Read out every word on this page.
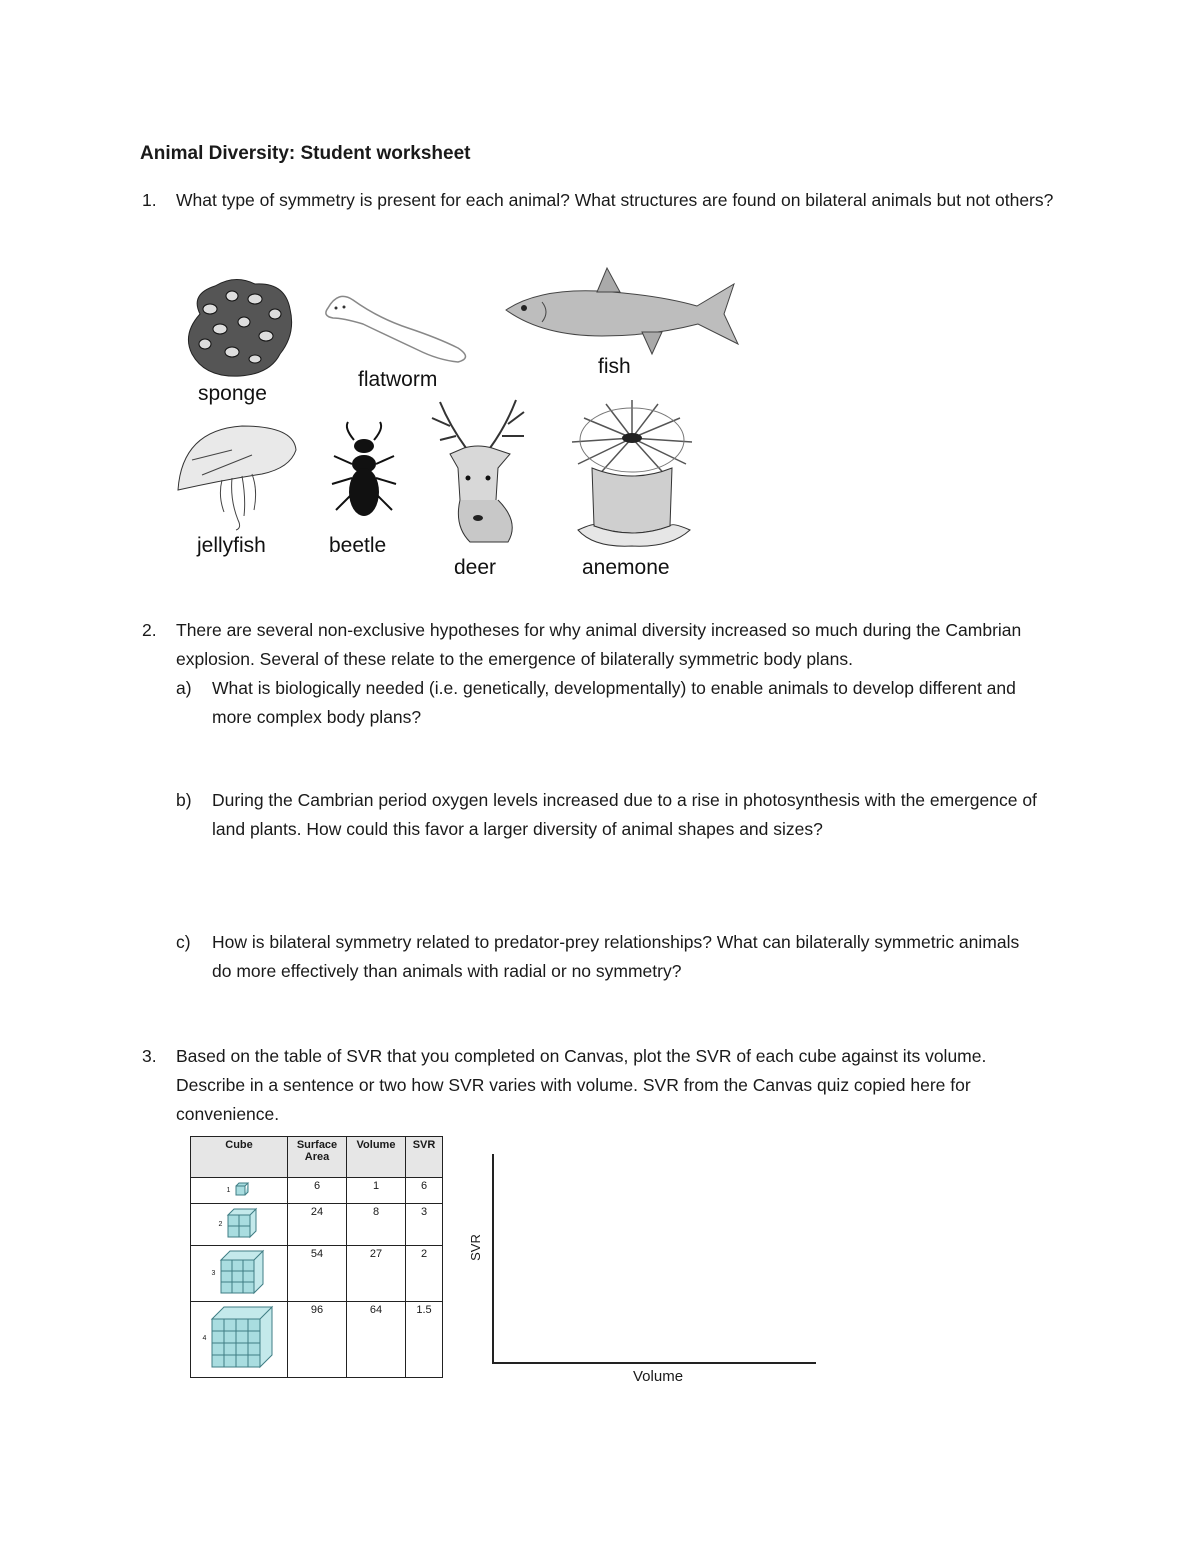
Animal Diversity: Student worksheet
1. What type of symmetry is present for each animal? What structures are found on bilateral animals but not others?
sponge
flatworm
fish
jellyfish	beetle
deer	anemone
2. There are several non-exclusive hypotheses for why animal diversity increased so much during the Cambrian explosion. Several of these relate to the emergence of bilaterally symmetric body plans.
a) What is biologically needed (i.e. genetically, developmentally) to enable animals to develop different and more complex body plans?
b) During the Cambrian period oxygen levels increased due to a rise in photosynthesis with the emergence of land plants. How could this favor a larger diversity of animal shapes and sizes?
c) How is bilateral symmetry related to predator-prey relationships? What can bilaterally symmetric animals do more effectively than animals with radial or no symmetry?
3. Based on the table of SVR that you completed on Canvas, plot the SVR of each cube against its volume. Describe in a sentence or two how SVR varies with volume. SVR from the Canvas quiz copied here for convenience.
Cube	Surface Area	Volume	SVR
1	6	1	6
2	24	8	3
3	54	27	2
4	96	64	1.5
SVR
Volume
